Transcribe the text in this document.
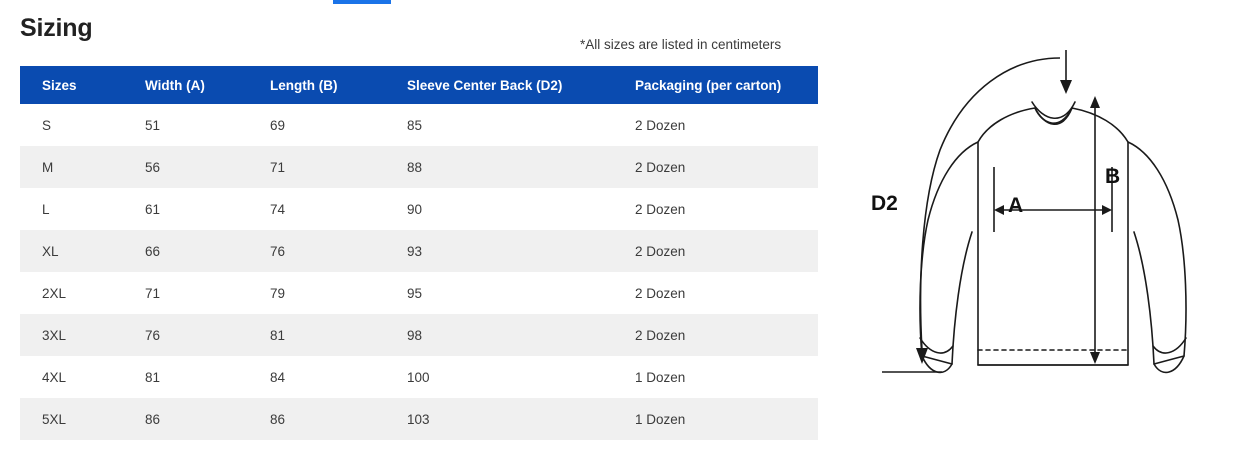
Sizing
*All sizes are listed in centimeters
Sizes	Width (A)	Length (B)	Sleeve Center Back (D2)	Packaging (per carton)
S	51	69	85	2 Dozen
M	56	71	88	2 Dozen
L	61	74	90	2 Dozen
XL	66	76	93	2 Dozen
2XL	71	79	95	2 Dozen
3XL	76	81	98	2 Dozen
4XL	81	84	100	1 Dozen
5XL	86	86	103	1 Dozen
D2	A
B
